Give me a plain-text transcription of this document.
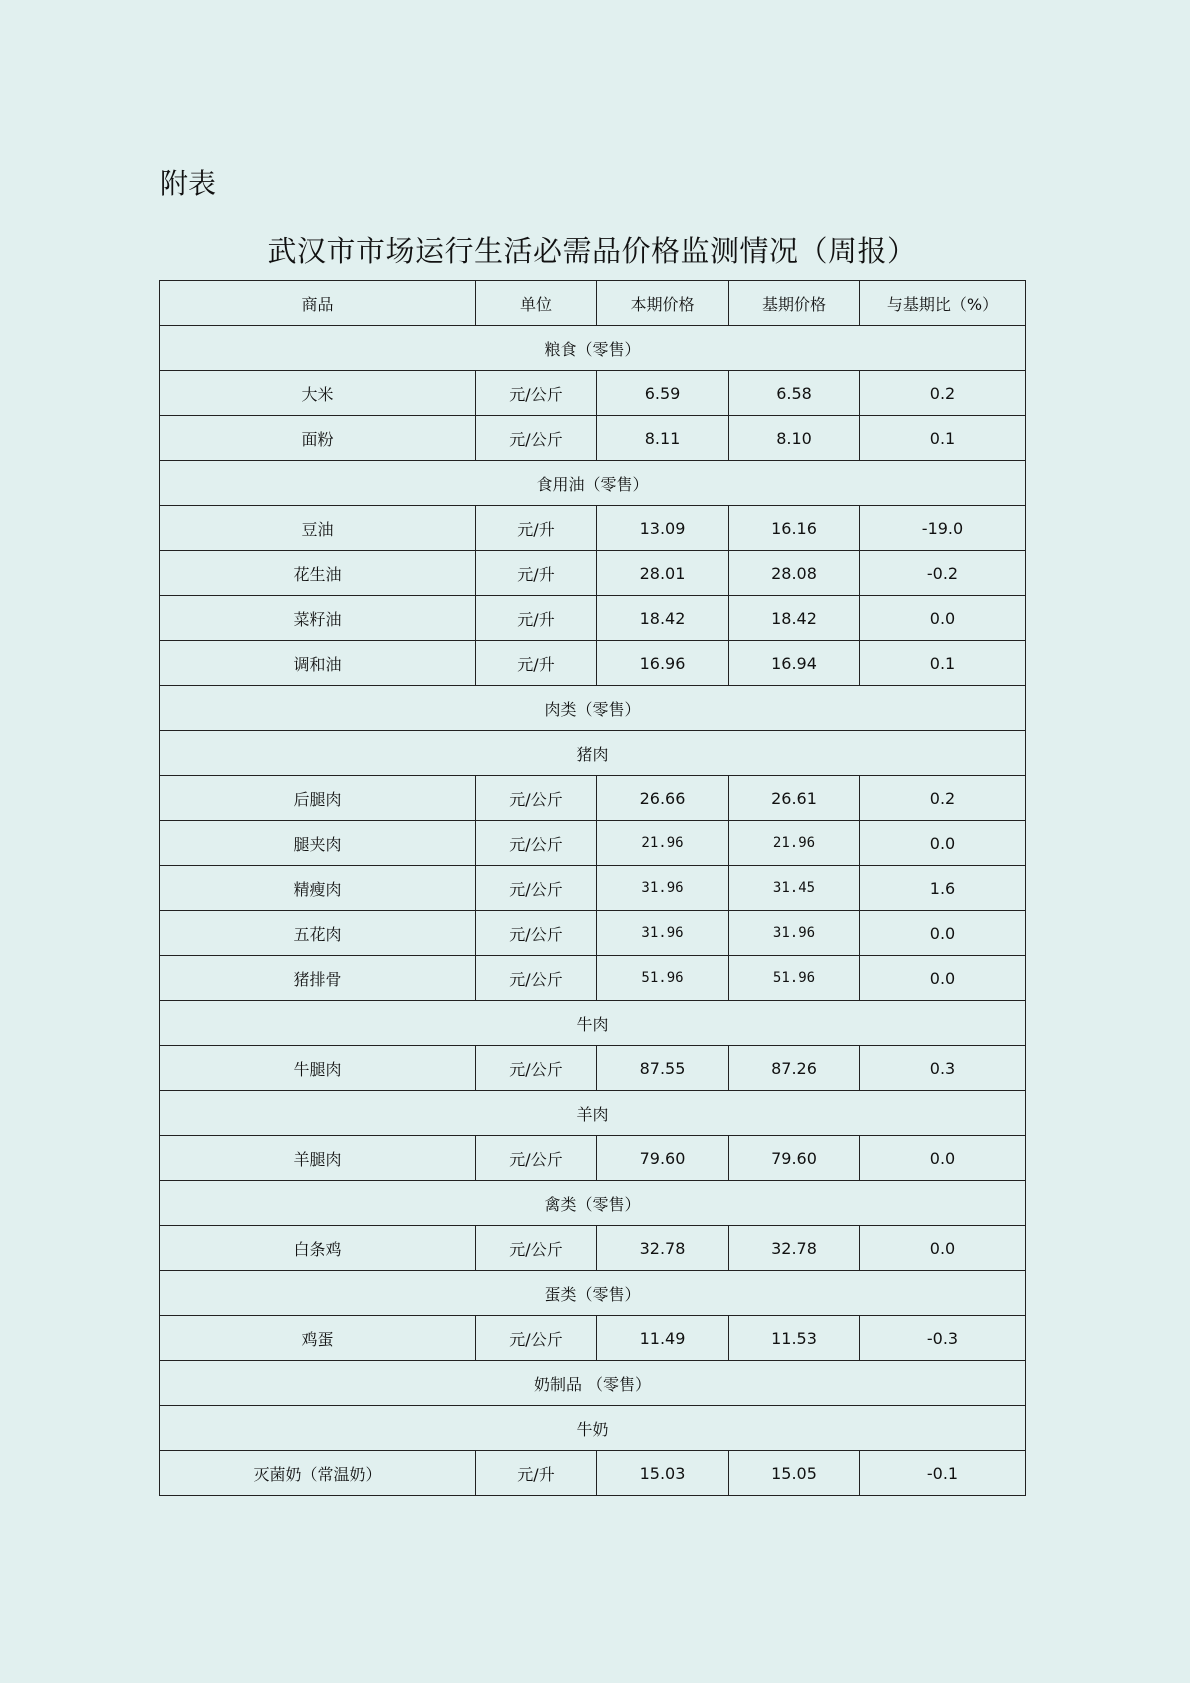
附表
武汉市市场运行生活必需品价格监测情况（周报）
商品	单位	本期价格	基期价格	与基期比（%）
粮食（零售）				
大米	元/公斤	6.59	6.58	0.2
面粉	元/公斤	8.11	8.10	0.1
食用油（零售）				
豆油	元/升	13.09	16.16	-19.0
花生油	元/升	28.01	28.08	-0.2
菜籽油	元/升	18.42	18.42	0.0
调和油	元/升	16.96	16.94	0.1
肉类（零售）				
猪肉				
后腿肉	元/公斤	26.66	26.61	0.2
腿夹肉	元/公斤	21.96	21.96	0.0
精瘦肉	元/公斤	31.96	31.45	1.6
五花肉	元/公斤	31.96	31.96	0.0
猪排骨	元/公斤	51.96	51.96	0.0
牛肉				
牛腿肉	元/公斤	87.55	87.26	0.3
羊肉				
羊腿肉	元/公斤	79.60	79.60	0.0
禽类（零售）				
白条鸡	元/公斤	32.78	32.78	0.0
蛋类（零售）				
鸡蛋	元/公斤	11.49	11.53	-0.3
奶制品 （零售）				
牛奶				
灭菌奶（常温奶）	元/升	15.03	15.05	-0.1
